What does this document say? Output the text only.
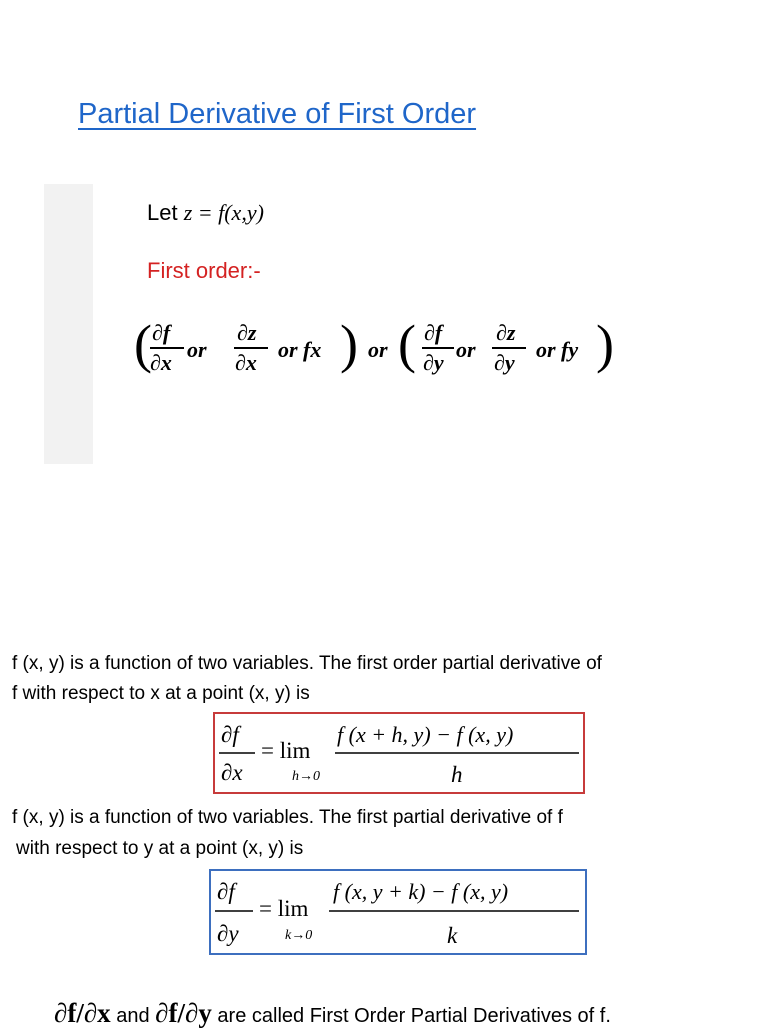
Partial Derivative of First Order
Let z = f(x,y)
First order:-
( ∂f
∂x
or
∂z
∂x
or fx ) or ( ∂f
∂y
or
∂z
∂y
or fy )
f (x, y) is a function of two variables. The first order partial derivative of
f with respect to x at a point (x, y) is
∂f
∂x
= lim
h→0
f (x + h, y) − f (x, y)
h
f (x, y) is a function of two variables. The first partial derivative of f
with respect to y at a point (x, y) is
∂f
∂y
= lim
k→0
f (x, y + k) − f (x, y)
k
∂f/∂x and ∂f/∂y are called First Order Partial Derivatives of f.
